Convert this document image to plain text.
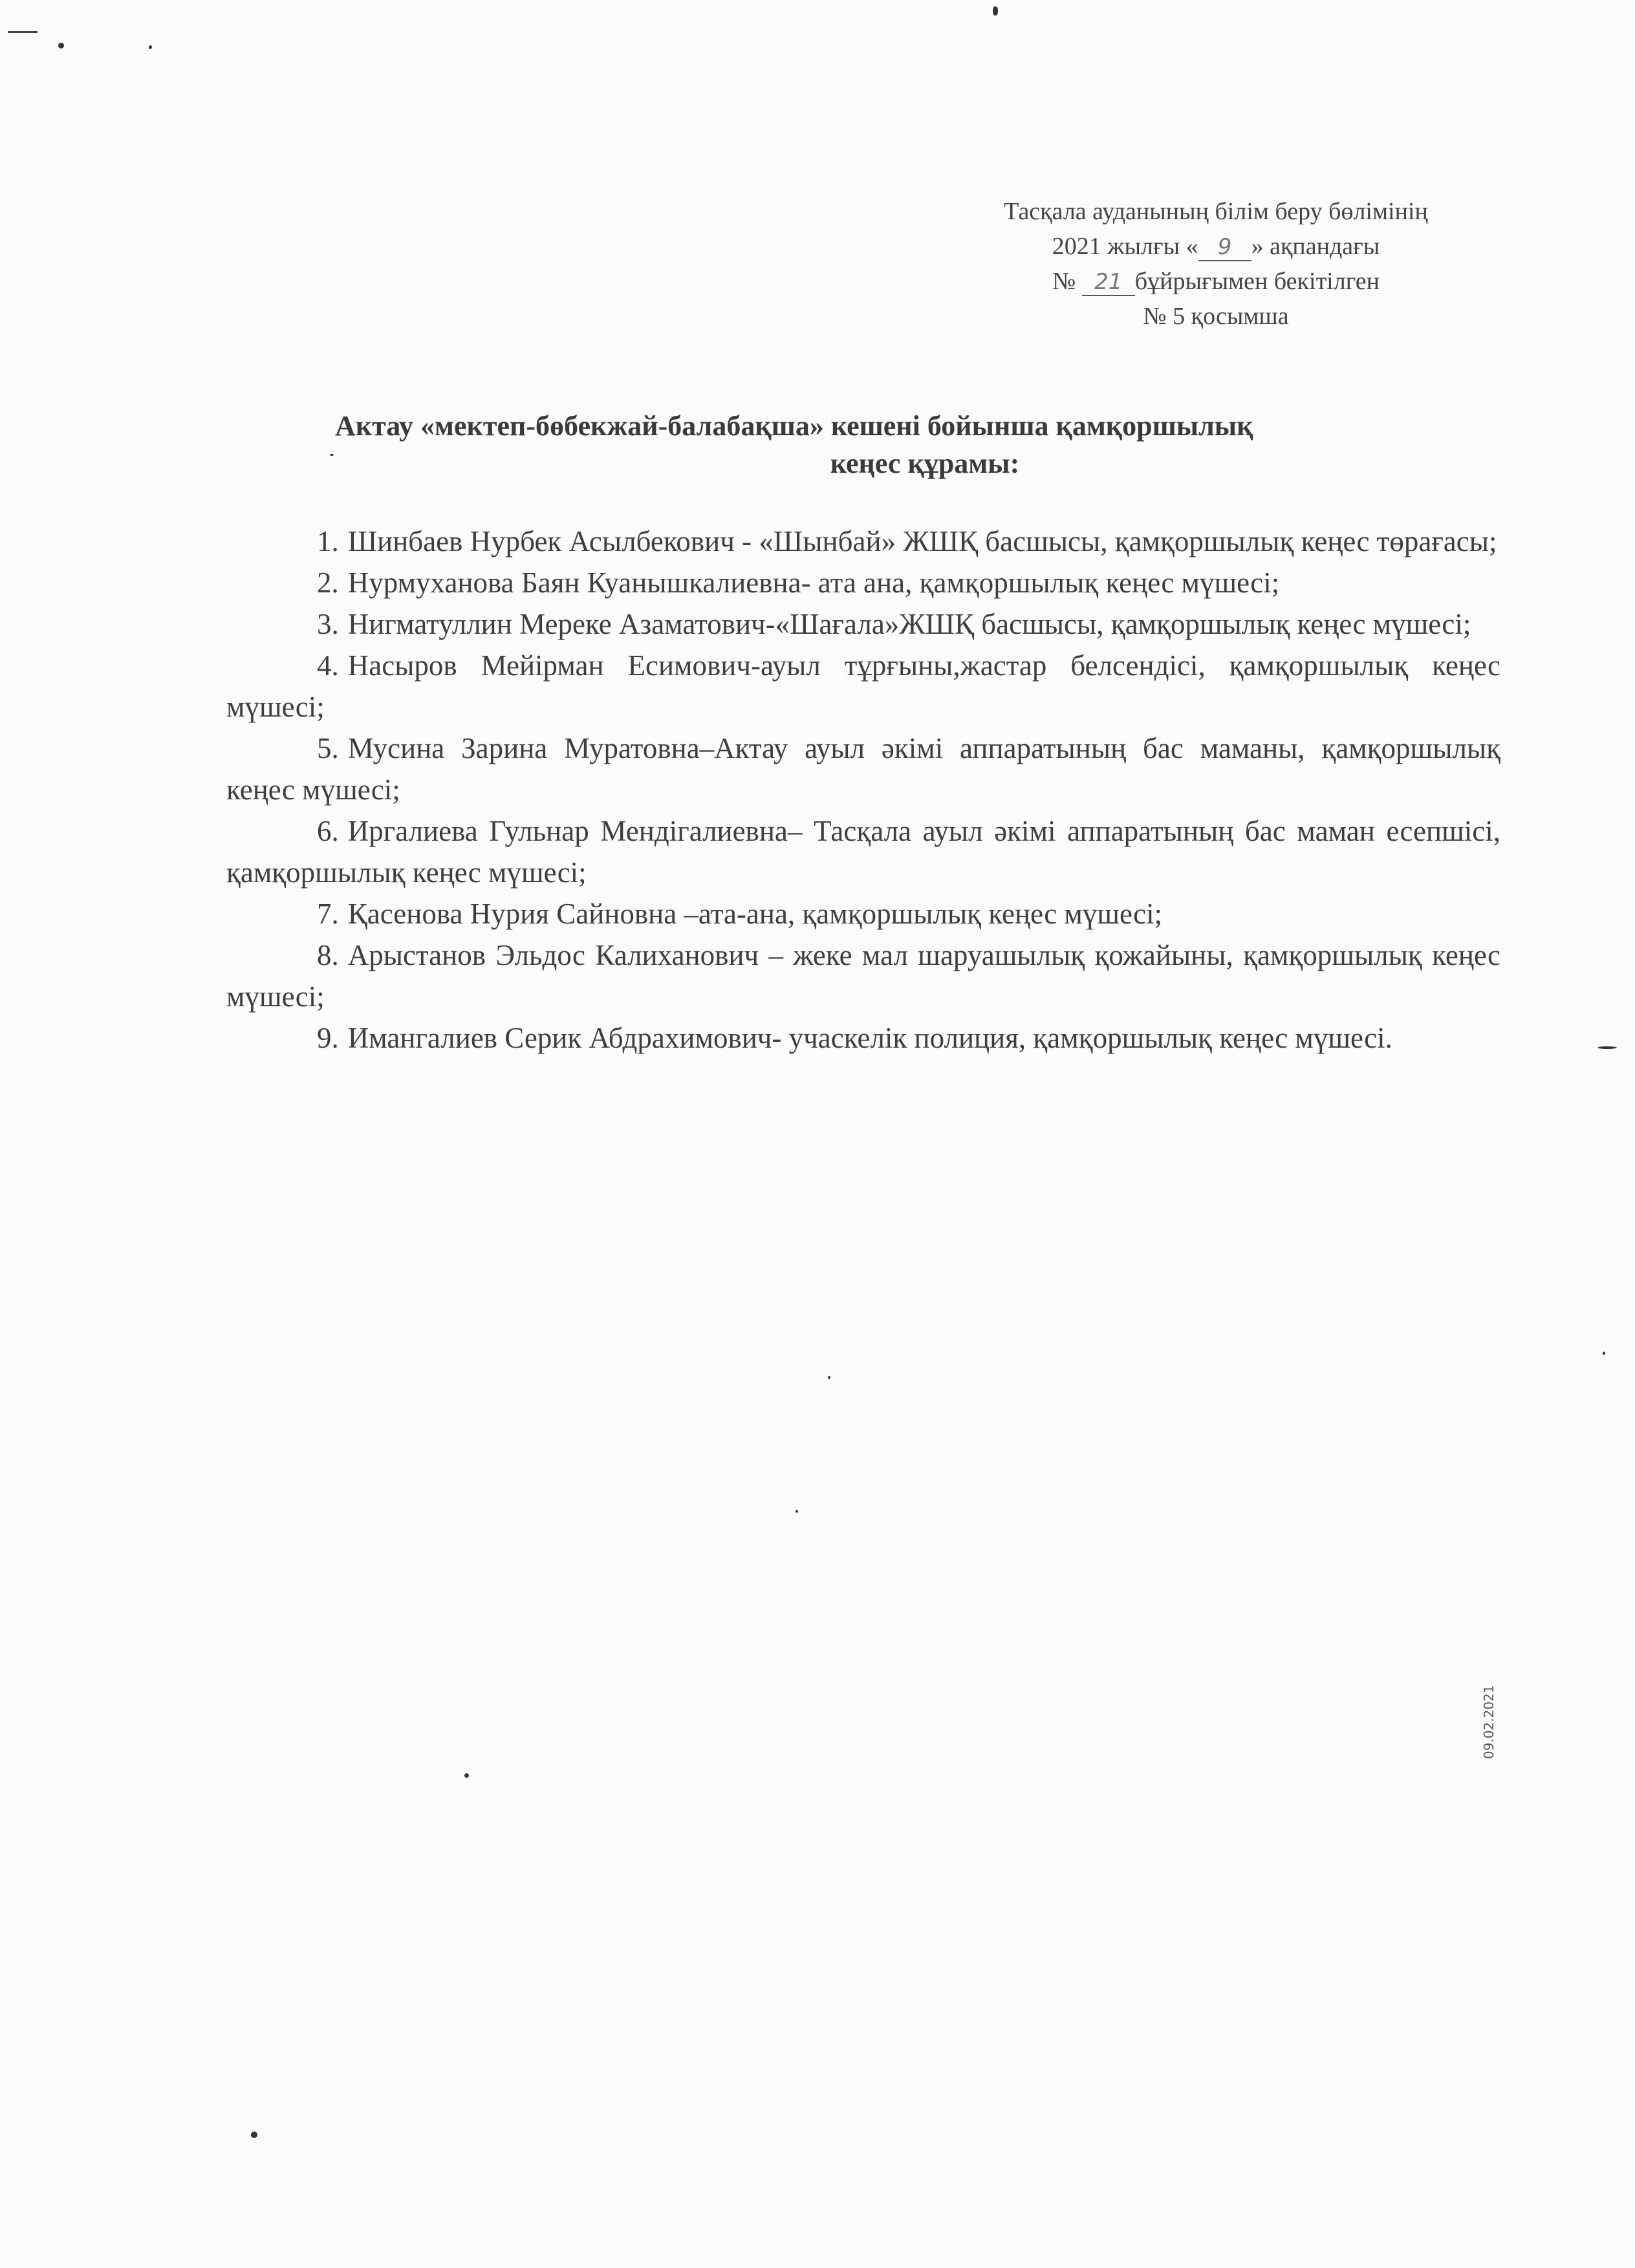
Тасқала ауданының білім беру бөлімінің
2021 жылғы « 9 » ақпандағы
№ 21 бұйрығымен бекітілген
№ 5 қосымша
Актау «мектеп-бөбекжай-балабақша» кешені бойынша қамқоршылық
кеңес құрамы:

1. Шинбаев Нурбек Асылбекович - «Шынбай» ЖШҚ басшысы, қамқоршылық кеңес төрағасы;

2. Нурмуханова Баян Куанышкалиевна- ата ана, қамқоршылық кеңес мүшесі;

3. Нигматуллин Мереке Азаматович-«Шағала»ЖШҚ басшысы, қамқоршылық кеңес мүшесі;

4. Насыров Мейірман Есимович-ауыл тұрғыны,жастар белсендісі, қамқоршылық кеңес мүшесі;

5. Мусина Зарина Муратовна–Актау ауыл әкімі аппаратының бас маманы, қамқоршылық кеңес мүшесі;

6. Иргалиева Гульнар Мендігалиевна– Тасқала ауыл әкімі аппаратының бас маман есепшісі, қамқоршылық кеңес мүшесі;

7. Қасенова Нурия Сайновна –ата-ана, қамқоршылық кеңес мүшесі;

8. Арыстанов Эльдос Калиханович – жеке мал шаруашылық қожайыны, қамқоршылық кеңес мүшесі;

9. Имангалиев Серик Абдрахимович- учаскелік полиция, қамқоршылық кеңес мүшесі.

09.02.2021
